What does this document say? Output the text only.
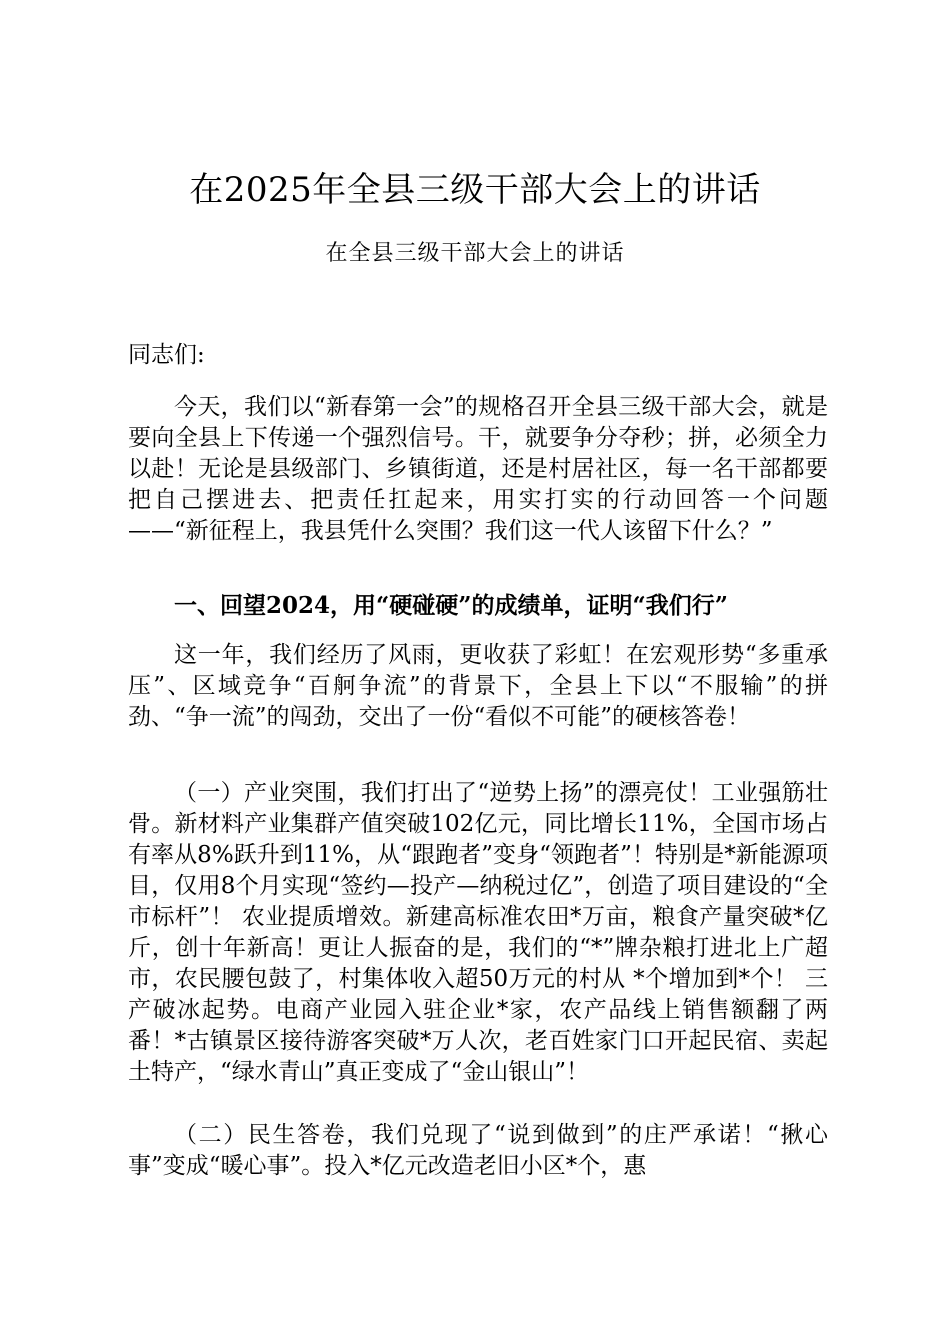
在2025年全县三级干部大会上的讲话
在全县三级干部大会上的讲话
同志们:
今天，我们以“新春第一会”的规格召开全县三级干部大会，就是要向全县上下传递一个强烈信号。干，就要争分夺秒；拼，必须全力以赴！无论是县级部门、乡镇街道，还是村居社区，每一名干部都要把自己摆进去、把责任扛起来，用实打实的行动回答一个问题——“新征程上，我县凭什么突围？我们这一代人该留下什么？”
一、回望2024，用“硬碰硬”的成绩单，证明“我们行”
这一年，我们经历了风雨，更收获了彩虹！在宏观形势“多重承压”、区域竞争“百舸争流”的背景下，全县上下以“不服输”的拼劲、“争一流”的闯劲，交出了一份“看似不可能”的硬核答卷！
（一）产业突围，我们打出了“逆势上扬”的漂亮仗！工业强筋壮骨。新材料产业集群产值突破102亿元，同比增长11%，全国市场占有率从8%跃升到11%，从“跟跑者”变身“领跑者”！特别是*新能源项目，仅用8个月实现“签约—投产—纳税过亿”，创造了项目建设的“全市标杆”！ 农业提质增效。新建高标准农田*万亩，粮食产量突破*亿斤，创十年新高！更让人振奋的是，我们的“*”牌杂粮打进北上广超市，农民腰包鼓了，村集体收入超50万元的村从 *个增加到*个！ 三产破冰起势。电商产业园入驻企业*家，农产品线上销售额翻了两番！*古镇景区接待游客突破*万人次，老百姓家门口开起民宿、卖起土特产，“绿水青山”真正变成了“金山银山”！
（二）民生答卷，我们兑现了“说到做到”的庄严承诺！“揪心事”变成“暖心事”。投入*亿元改造老旧小区*个，惠
